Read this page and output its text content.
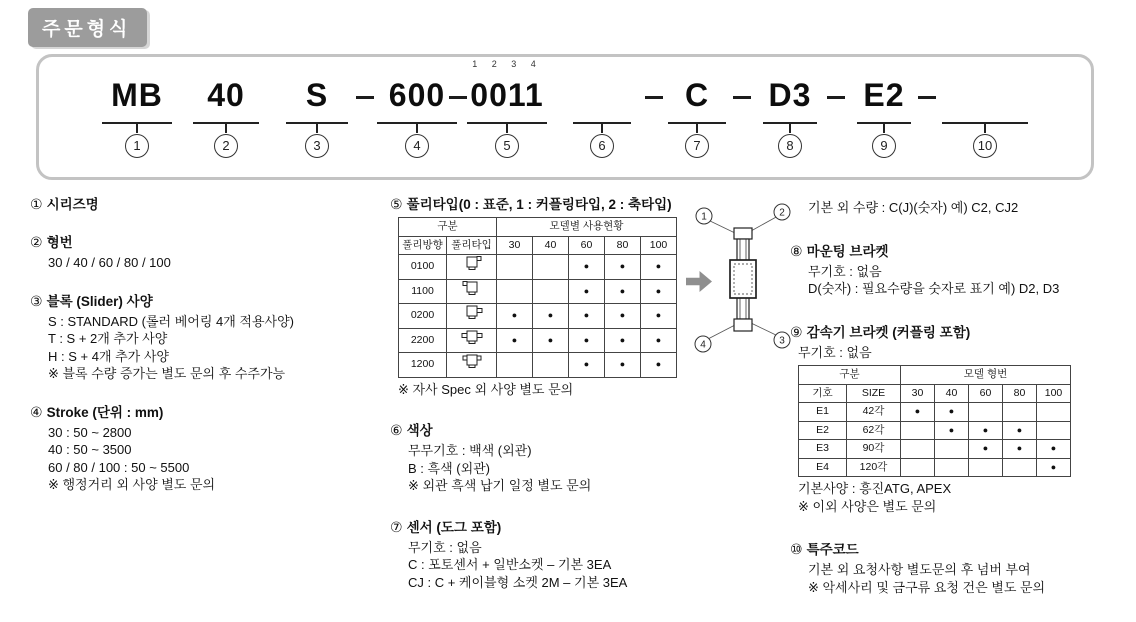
주문형식
MB
1
40
2
S
3
600
4
1 2 3 4
0011
5	6
C
7
D3
8
E2
9	10
① 시리즈명
② 형번
30 / 40 / 60 / 80 / 100
③ 블록 (Slider) 사양
S : STANDARD (롤러 베어링 4개 적용사양)
T : S + 2개 추가 사양
H : S + 4개 추가 사양
※ 블록 수량 증가는 별도 문의 후 수주가능
④ Stroke (단위 : mm)
30 : 50 ~ 2800
40 : 50 ~ 3500
60 / 80 / 100 : 50 ~ 5500
※ 행정거리 외 사양 별도 문의
⑤ 풀리타입(0 : 표준, 1 : 커플링타입, 2 : 축타입)
구분		모델별 사용현황				
풀리방향	풀리타입	30	40	60	80	100
0100				●	●	●
1100				●	●	●
0200		●	●	●	●	●
2200		●	●	●	●	●
1200				●	●	●
※ 자사 Spec 외 사양 별도 문의
⑥ 색상
무무기호 : 백색 (외관)
B : 흑색 (외관)
※ 외관 흑색 납기 일정 별도 문의
⑦ 센서 (도그 포함)
무기호 : 없음
C : 포토센서 + 일반소켓 – 기본 3EA
CJ : C + 케이블형 소켓 2M – 기본 3EA
기본 외 수량 : C(J)(숫자) 예) C2, CJ2
⑧ 마운팅 브라켓
무기호 : 없음
D(숫자) : 필요수량을 숫자로 표기 예) D2, D3
⑨ 감속기 브라켓 (커플링 포함)
무기호 : 없음
구분		모델 형번				
기호	SIZE	30	40	60	80	100
E1	42각	●	●			
E2	62각		●	●	●	
E3	90각			●	●	●
E4	120각					●
기본사양 : 흥진ATG, APEX
※ 이외 사양은 별도 문의
⑩ 특주코드
기본 외 요청사항 별도문의 후 넘버 부여
※ 악세사리 및 금구류 요청 건은 별도 문의
1	2
3
4
